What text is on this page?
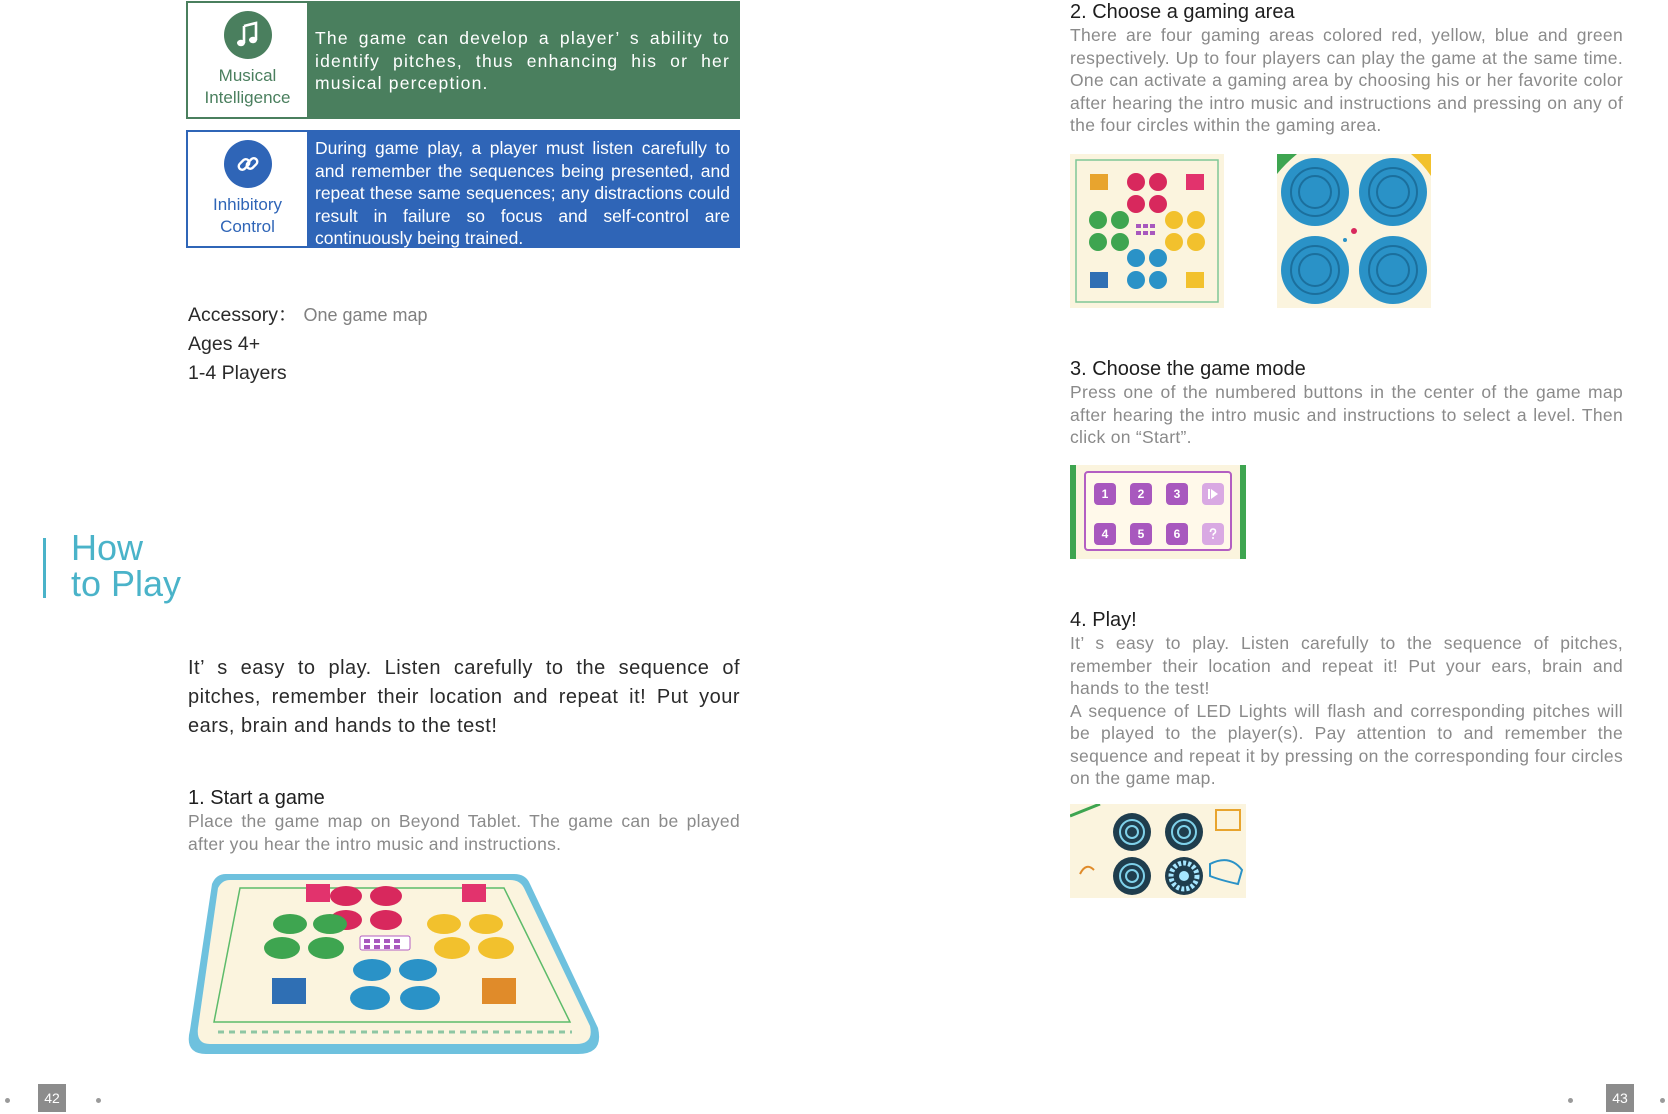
Musical
Intelligence
The game can develop a player’ s ability to identify pitches, thus enhancing his or her musical perception.
Inhibitory
Control
During game play, a player must listen carefully to and remember the sequences being presented, and repeat these same sequences; any distractions could result in failure so focus and self-control are continuously being trained.
Accessory： One game map
Ages 4+
1-4 Players
How
to Play
It’ s easy to play. Listen carefully to the sequence of pitches, remember their location and repeat it! Put your ears, brain and hands to the test!
1. Start a game
Place the game map on Beyond Tablet. The game can be played after you hear the intro music and instructions.
42
2. Choose a gaming area
There are four gaming areas colored red, yellow, blue and green respectively. Up to four players can play the game at the same time. One can activate a gaming area by choosing his or her favorite color after hearing the intro music and instructions and pressing on any of the four circles within the gaming area.
3. Choose the game mode
Press one of the numbered buttons in the center of the game map after hearing the intro music and instructions to select a level. Then click on “Start”.
1	2	3
4	5	6
4. Play!
It’ s easy to play. Listen carefully to the sequence of pitches, remember their location and repeat it! Put your ears, brain and hands to the test!
A sequence of LED Lights will flash and corresponding pitches will be played to the player(s). Pay attention to and remember the sequence and repeat it by pressing on the corresponding four circles on the game map.
43
